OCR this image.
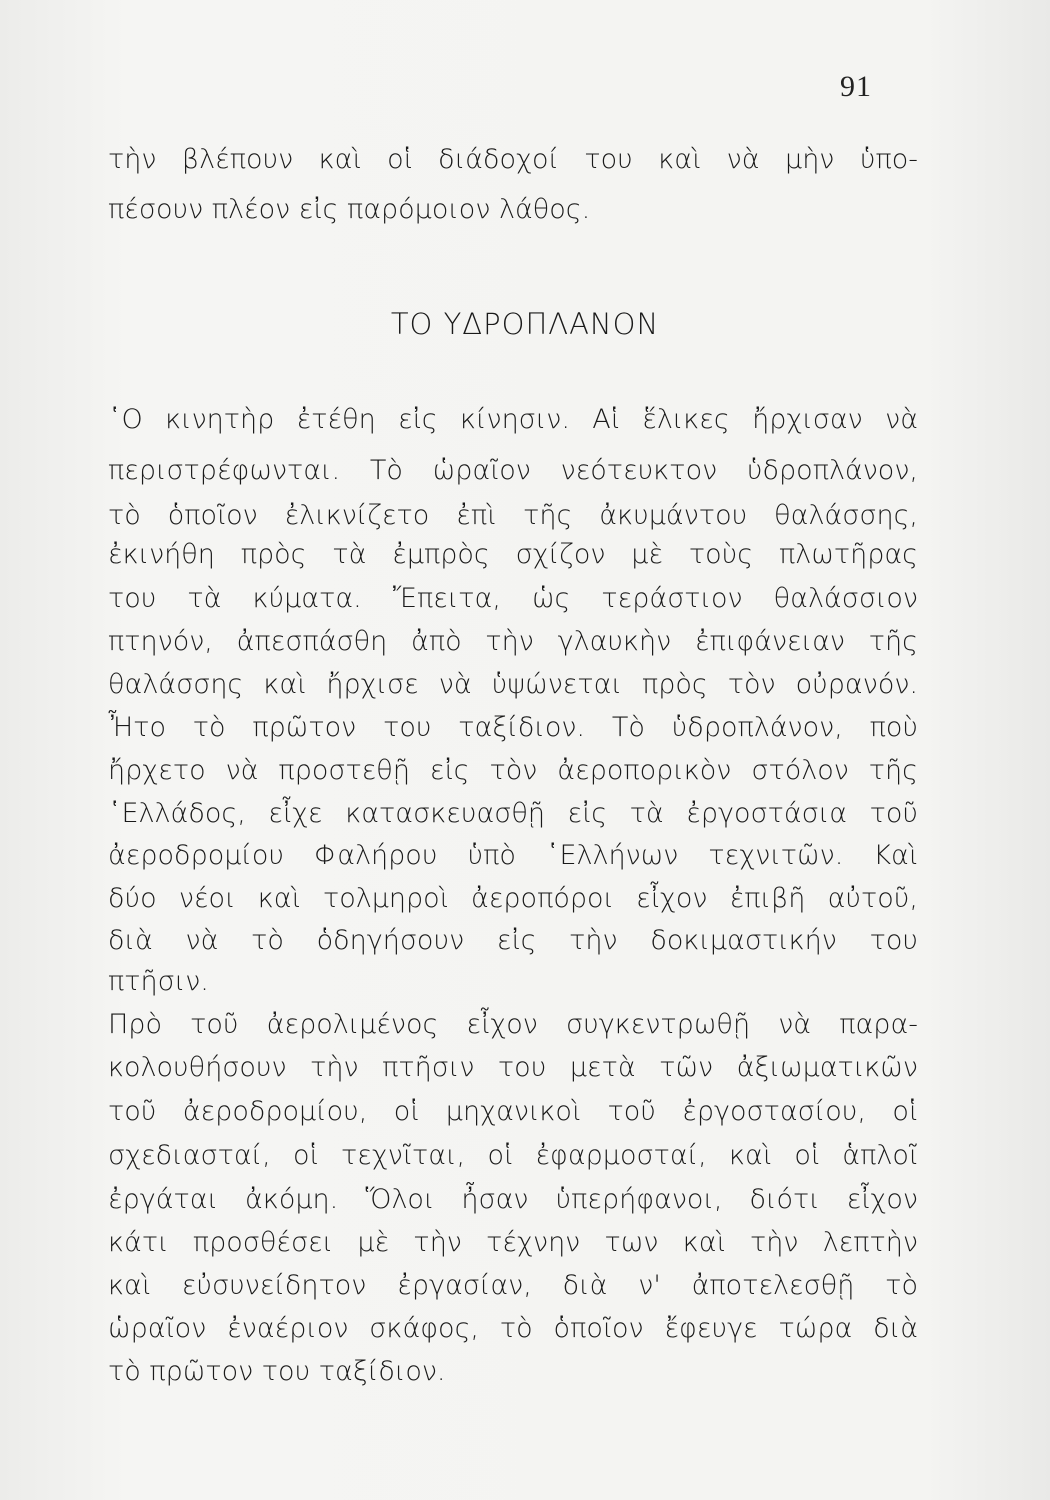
91
τὴν βλέπουν καὶ οἱ διάδοχοί του καὶ νὰ μὴν ὑπο-
πέσουν πλέον εἰς παρόμοιον λάθος.
ΤΟ ΥΔΡΟΠΛΑΝΟΝ
῾Ο κινητὴρ ἐτέθη εἰς κίνησιν. Αἱ ἕλικες ἤρχισαν νὰ
περιστρέφωνται. Τὸ ὡραῖον νεότευκτον ὑδροπλάνον,
τὸ ὁποῖον ἐλικνίζετο ἐπὶ τῆς ἀκυμάντου θαλάσσης,
ἐκινήθη πρὸς τὰ ἐμπρὸς σχίζον μὲ τοὺς πλωτῆρας
του τὰ κύματα. Ἔπειτα, ὡς τεράστιον θαλάσσιον
πτηνόν, ἀπεσπάσθη ἀπὸ τὴν γλαυκὴν ἐπιφάνειαν τῆς
θαλάσσης καὶ ἤρχισε νὰ ὑψώνεται πρὸς τὸν οὐρανόν.
Ἦτο τὸ πρῶτον του ταξίδιον. Τὸ ὑδροπλάνον, ποὺ
ἤρχετο νὰ προστεθῇ εἰς τὸν ἀεροπορικὸν στόλον τῆς
῾Ελλάδος, εἶχε κατασκευασθῇ εἰς τὰ ἐργοστάσια τοῦ
ἀεροδρομίου Φαλήρου ὑπὸ ῾Ελλήνων τεχνιτῶν. Καὶ
δύο νέοι καὶ τολμηροὶ ἀεροπόροι εἶχον ἐπιβῆ αὐτοῦ,
διὰ νὰ τὸ ὁδηγήσουν εἰς τὴν δοκιμαστικήν του
πτῆσιν.
Πρὸ τοῦ ἀερολιμένος εἶχον συγκεντρωθῇ νὰ παρα-
κολουθήσουν τὴν πτῆσιν του μετὰ τῶν ἀξιωματικῶν
τοῦ ἀεροδρομίου, οἱ μηχανικοὶ τοῦ ἐργοστασίου, οἱ
σχεδιασταί, οἱ τεχνῖται, οἱ ἐφαρμοσταί, καὶ οἱ ἁπλοῖ
ἐργάται ἀκόμη. Ὅλοι ἦσαν ὑπερήφανοι, διότι εἶχον
κάτι προσθέσει μὲ τὴν τέχνην των καὶ τὴν λεπτὴν
καὶ εὐσυνείδητον ἐργασίαν, διὰ ν' ἀποτελεσθῇ τὸ
ὡραῖον ἐναέριον σκάφος, τὸ ὁποῖον ἔφευγε τώρα διὰ
τὸ πρῶτον του ταξίδιον.
